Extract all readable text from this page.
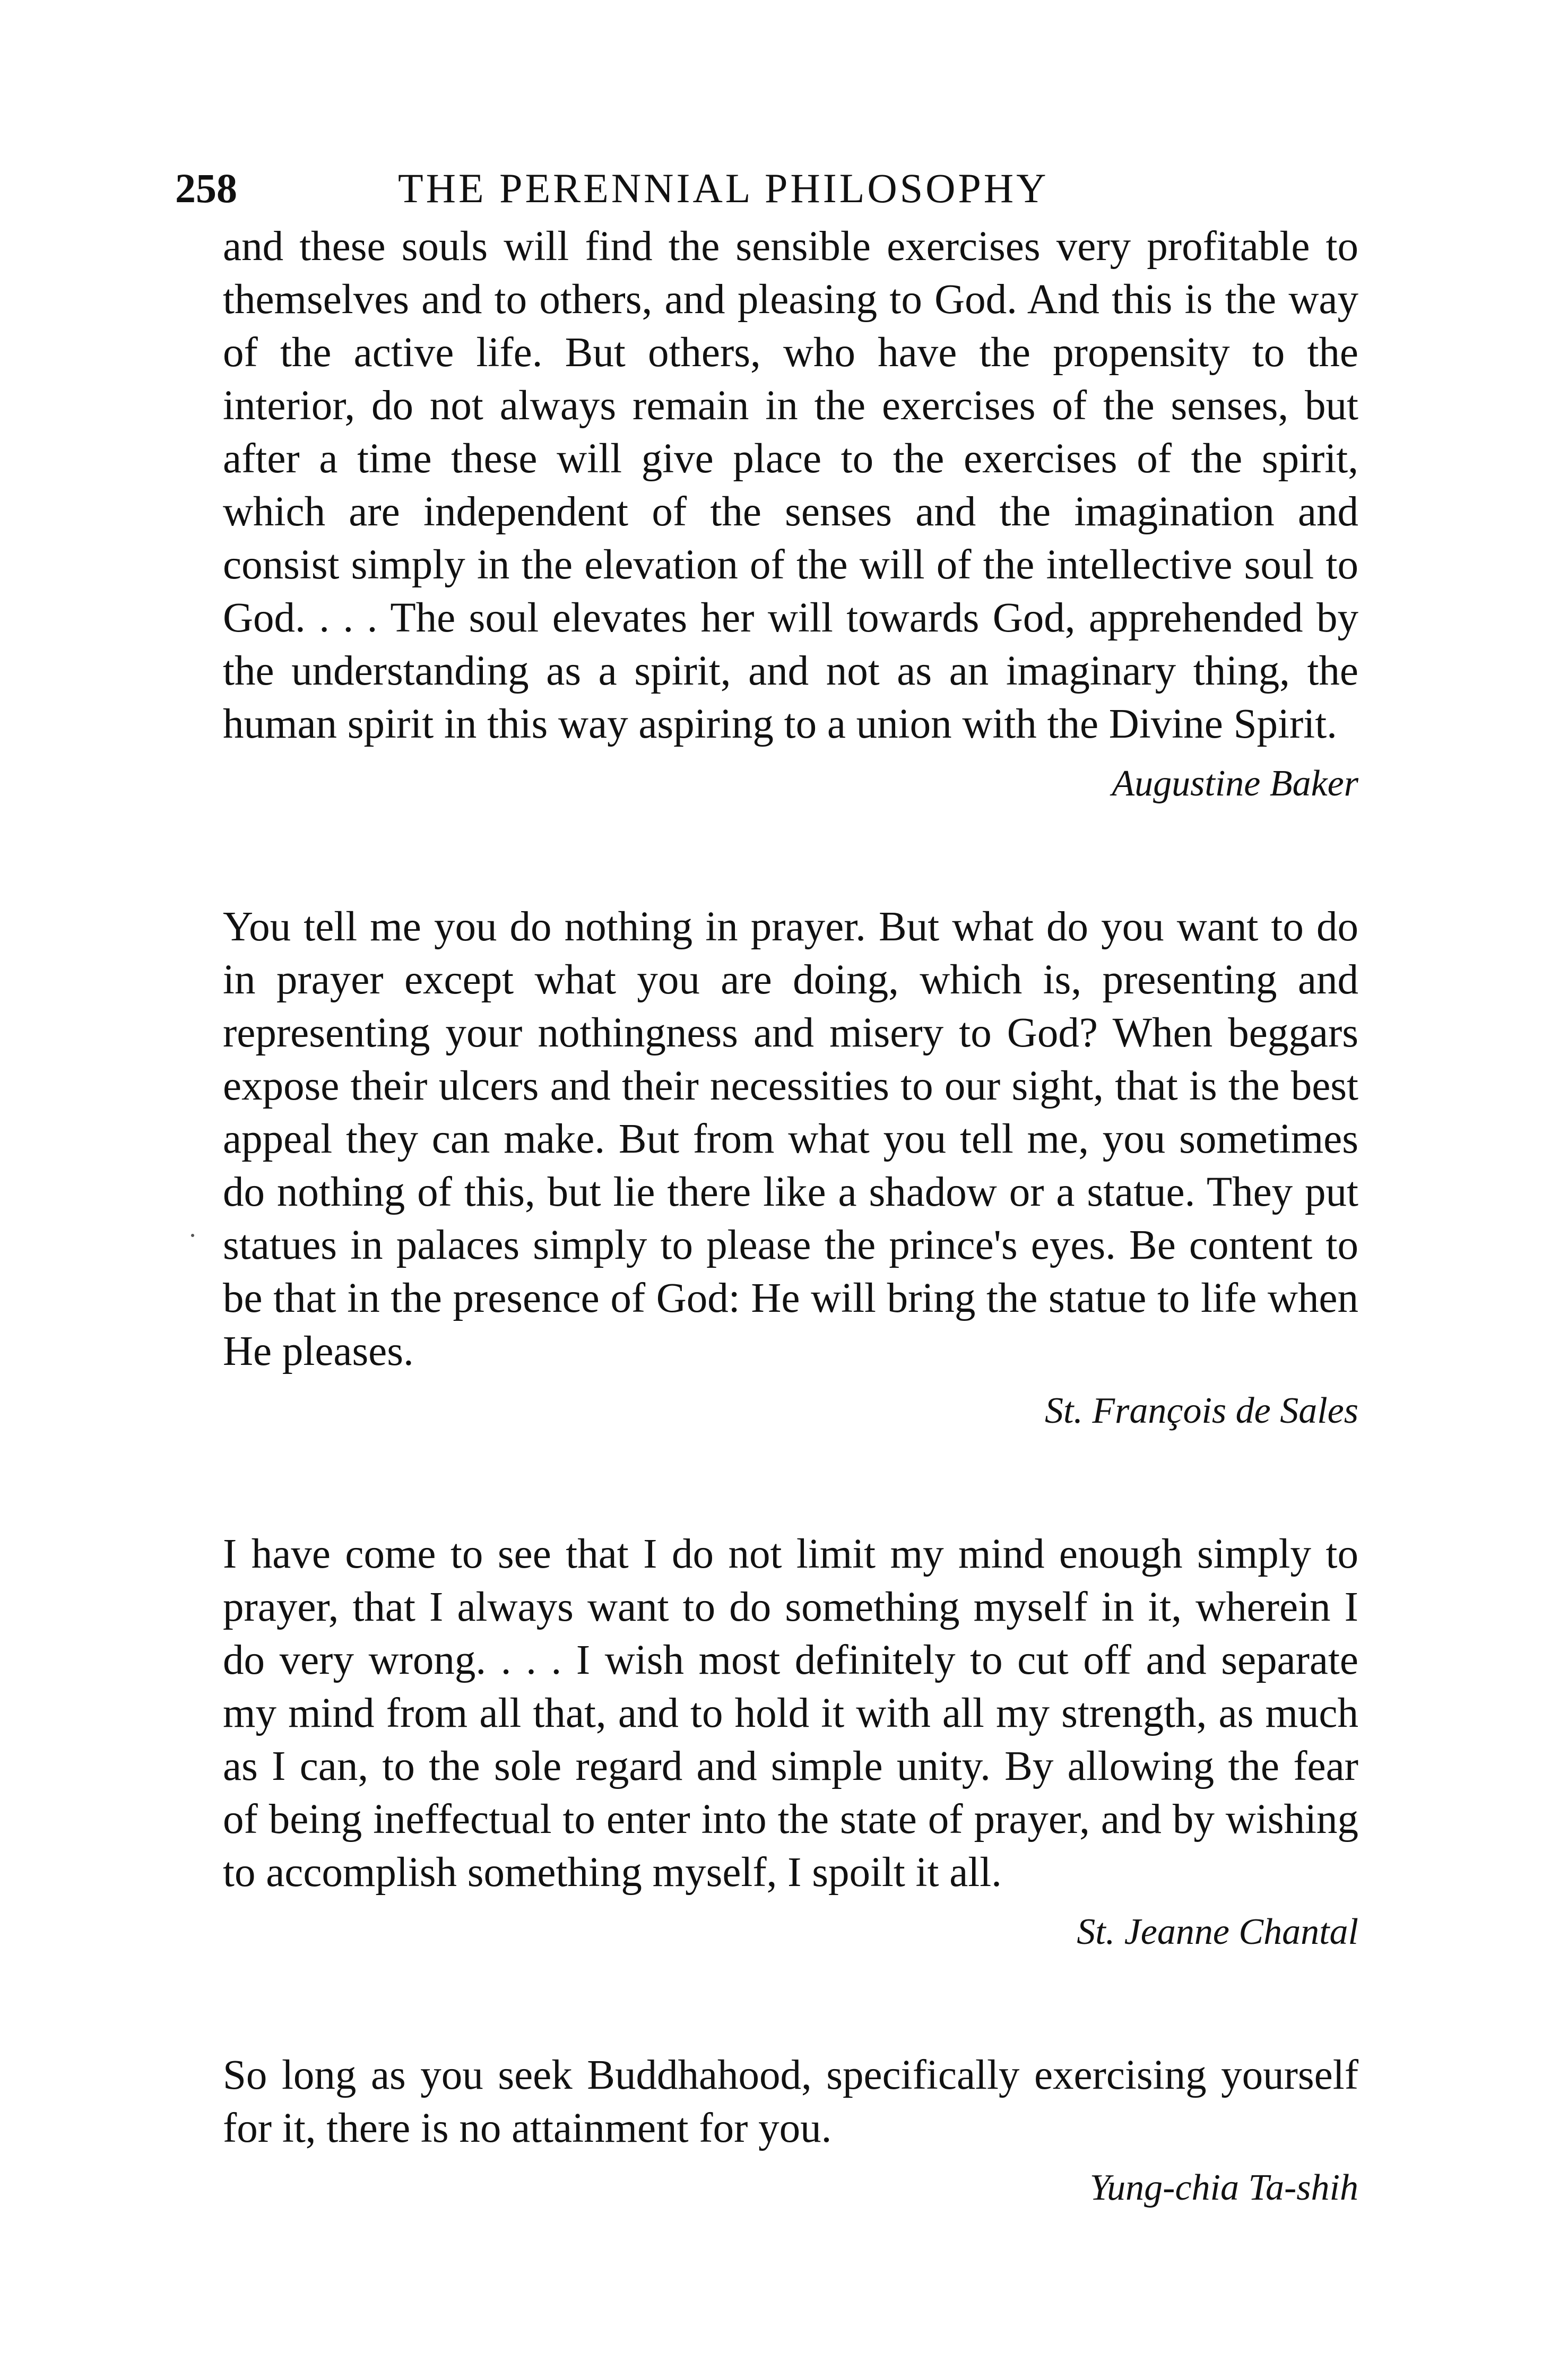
258	THE PERENNIAL PHILOSOPHY

and these souls will find the sensible exercises very profitable to themselves and to others, and pleasing to God. And this is the way of the active life. But others, who have the propensity to the interior, do not always remain in the exercises of the senses, but after a time these will give place to the exercises of the spirit, which are independent of the senses and the imagination and consist simply in the elevation of the will of the intellective soul to God. . . . The soul elevates her will towards God, apprehended by the understanding as a spirit, and not as an imaginary thing, the human spirit in this way aspiring to a union with the Divine Spirit.

Augustine Baker

You tell me you do nothing in prayer. But what do you want to do in prayer except what you are doing, which is, presenting and representing your nothingness and misery to God? When beggars expose their ulcers and their necessities to our sight, that is the best appeal they can make. But from what you tell me, you sometimes do nothing of this, but lie there like a shadow or a statue. They put statues in palaces simply to please the prince's eyes. Be content to be that in the presence of God: He will bring the statue to life when He pleases.

St. François de Sales

I have come to see that I do not limit my mind enough simply to prayer, that I always want to do something myself in it, wherein I do very wrong. . . . I wish most definitely to cut off and separate my mind from all that, and to hold it with all my strength, as much as I can, to the sole regard and simple unity. By allowing the fear of being ineffectual to enter into the state of prayer, and by wishing to accomplish something myself, I spoilt it all.

St. Jeanne Chantal

So long as you seek Buddhahood, specifically exercising yourself for it, there is no attainment for you.

Yung-chia Ta-shih
